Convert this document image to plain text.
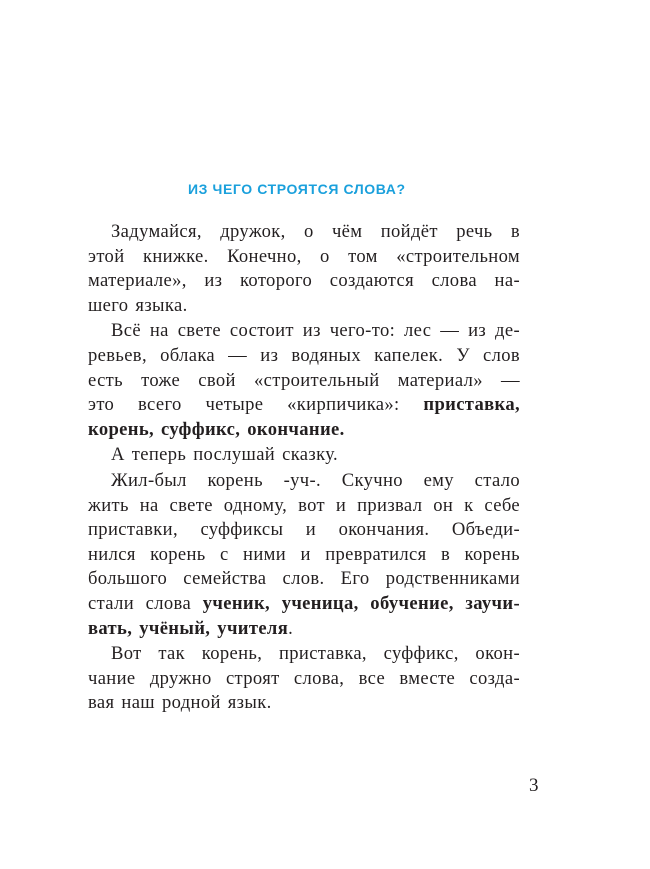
ИЗ ЧЕГО СТРОЯТСЯ СЛОВА?
Задумайся, дружок, о чём пойдёт речь в
этой книжке. Конечно, о том «строительном
материале», из которого создаются слова на-
шего языка.
Всё на свете состоит из чего-то: лес — из де-
ревьев, облака — из водяных капелек. У слов
есть тоже свой «строительный материал» —
это всего четыре «кирпичика»: приставка,
корень, суффикс, окончание.
А теперь послушай сказку.
Жил-был корень -уч-. Скучно ему стало
жить на свете одному, вот и призвал он к себе
приставки, суффиксы и окончания. Объеди-
нился корень с ними и превратился в корень
большого семейства слов. Его родственниками
стали слова ученик, ученица, обучение, заучи-
вать, учёный, учителя.
Вот так корень, приставка, суффикс, окон-
чание дружно строят слова, все вместе созда-
вая наш родной язык.
3
